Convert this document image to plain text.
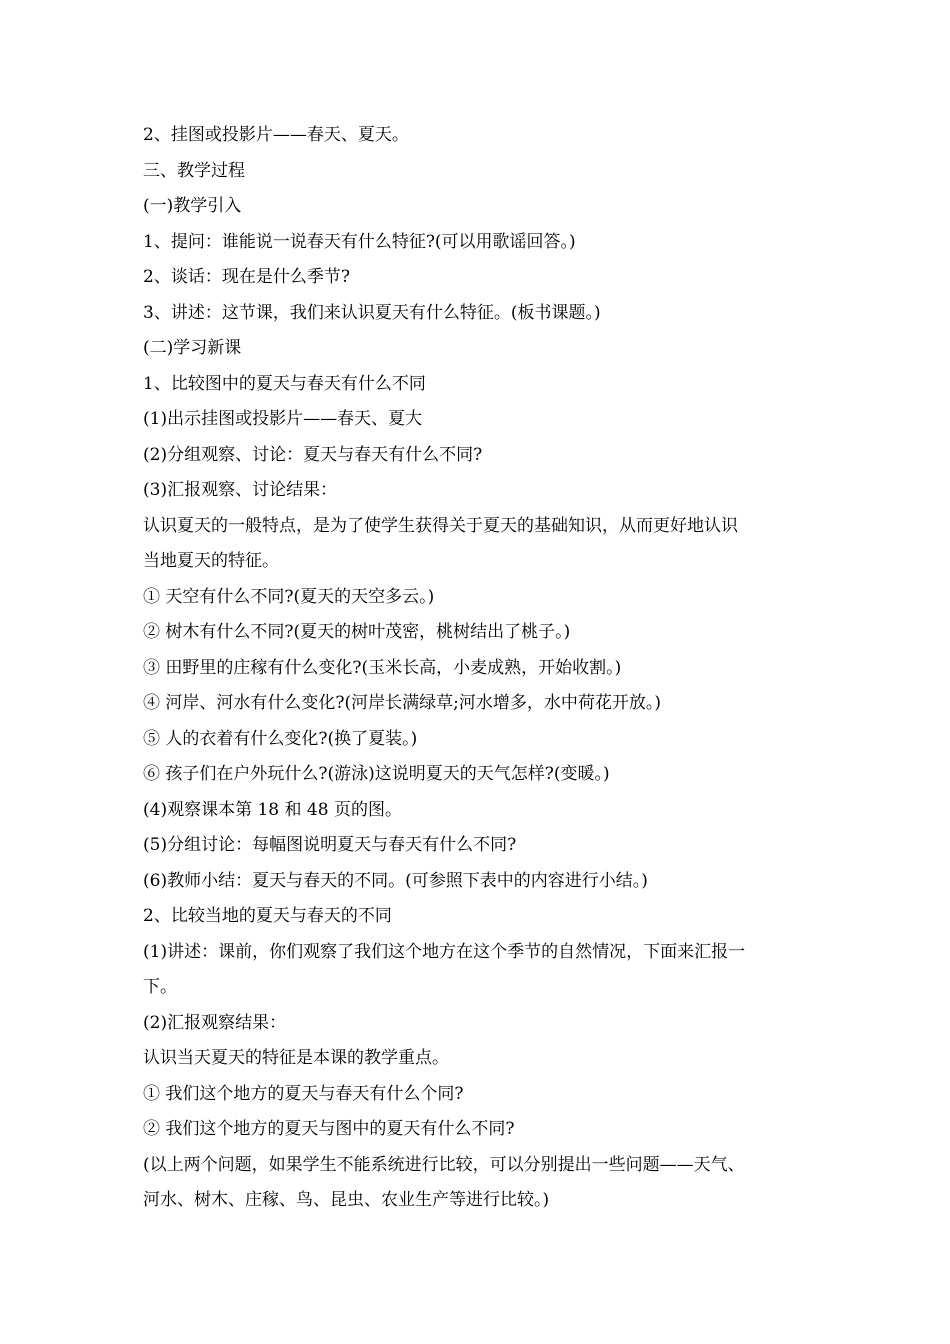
2、挂图或投影片——春天、夏天。
三、教学过程
(一)教学引入
1、提问：谁能说一说春天有什么特征?(可以用歌谣回答。)
2、谈话：现在是什么季节?
3、讲述：这节课，我们来认识夏天有什么特征。(板书课题。)
(二)学习新课
1、比较图中的夏天与春天有什么不同
(1)出示挂图或投影片——春天、夏大
(2)分组观察、讨论：夏天与春天有什么不同?
(3)汇报观察、讨论结果：
认识夏天的一般特点，是为了使学生获得关于夏天的基础知识，从而更好地认识
当地夏天的特征。
① 天空有什么不同?(夏天的天空多云。)
② 树木有什么不同?(夏天的树叶茂密，桃树结出了桃子。)
③ 田野里的庄稼有什么变化?(玉米长高，小麦成熟，开始收割。)
④ 河岸、河水有什么变化?(河岸长满绿草;河水增多，水中荷花开放。)
⑤ 人的衣着有什么变化?(换了夏装。)
⑥ 孩子们在户外玩什么?(游泳)这说明夏天的天气怎样?(变暖。)
(4)观察课本第 18 和 48 页的图。
(5)分组讨论：每幅图说明夏天与春天有什么不同?
(6)教师小结：夏天与春天的不同。(可参照下表中的内容进行小结。)
2、比较当地的夏天与春天的不同
(1)讲述：课前，你们观察了我们这个地方在这个季节的自然情况，下面来汇报一
下。
(2)汇报观察结果：
认识当天夏天的特征是本课的教学重点。
① 我们这个地方的夏天与春天有什么个同?
② 我们这个地方的夏天与图中的夏天有什么不同?
(以上两个问题，如果学生不能系统进行比较，可以分别提出一些问题——天气、
河水、树木、庄稼、鸟、昆虫、农业生产等进行比较。)
